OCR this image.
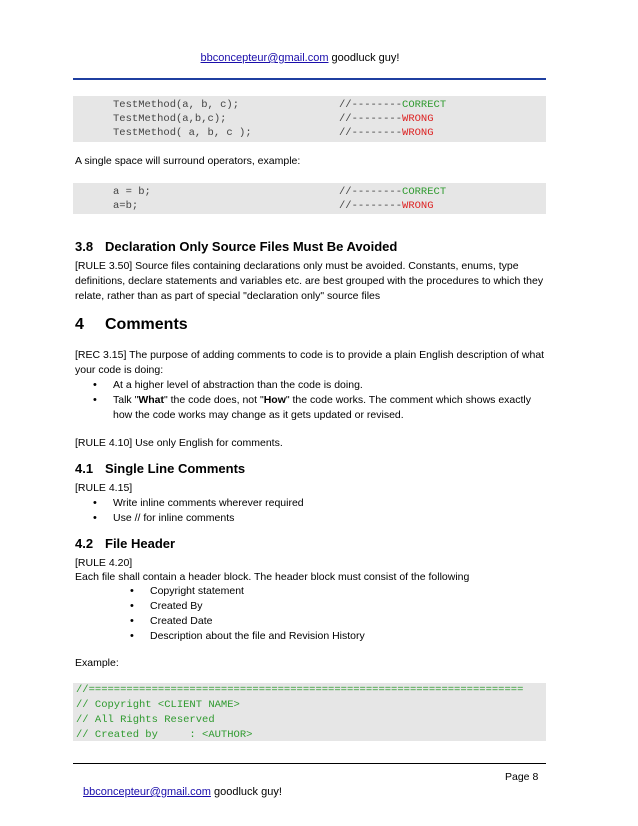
bbconcepteur@gmail.com goodluck guy!
TestMethod(a, b, c);	//--------CORRECT
TestMethod(a,b,c);	//--------WRONG
TestMethod( a, b, c );	//--------WRONG
A single space will surround operators, example:
a = b;	//--------CORRECT
a=b;	//--------WRONG
3.8 Declaration Only Source Files Must Be Avoided
[RULE 3.50] Source files containing declarations only must be avoided. Constants, enums, type definitions, declare statements and variables etc. are best grouped with the procedures to which they relate, rather than as part of special "declaration only" source files
4 Comments
[REC 3.15] The purpose of adding comments to code is to provide a plain English description of what your code is doing:
• At a higher level of abstraction than the code is doing.
• Talk "What" the code does, not "How" the code works. The comment which shows exactly how the code works may change as it gets updated or revised.
[RULE 4.10] Use only English for comments.
4.1 Single Line Comments
[RULE 4.15]
• Write inline comments wherever required
• Use // for inline comments
4.2 File Header
[RULE 4.20]
Each file shall contain a header block. The header block must consist of the following
• Copyright statement
• Created By
• Created Date
• Description about the file and Revision History
Example:
//=====================================================================
// Copyright <CLIENT NAME>
// All Rights Reserved
// Created by     : <AUTHOR>
Page 8
bbconcepteur@gmail.com goodluck guy!
